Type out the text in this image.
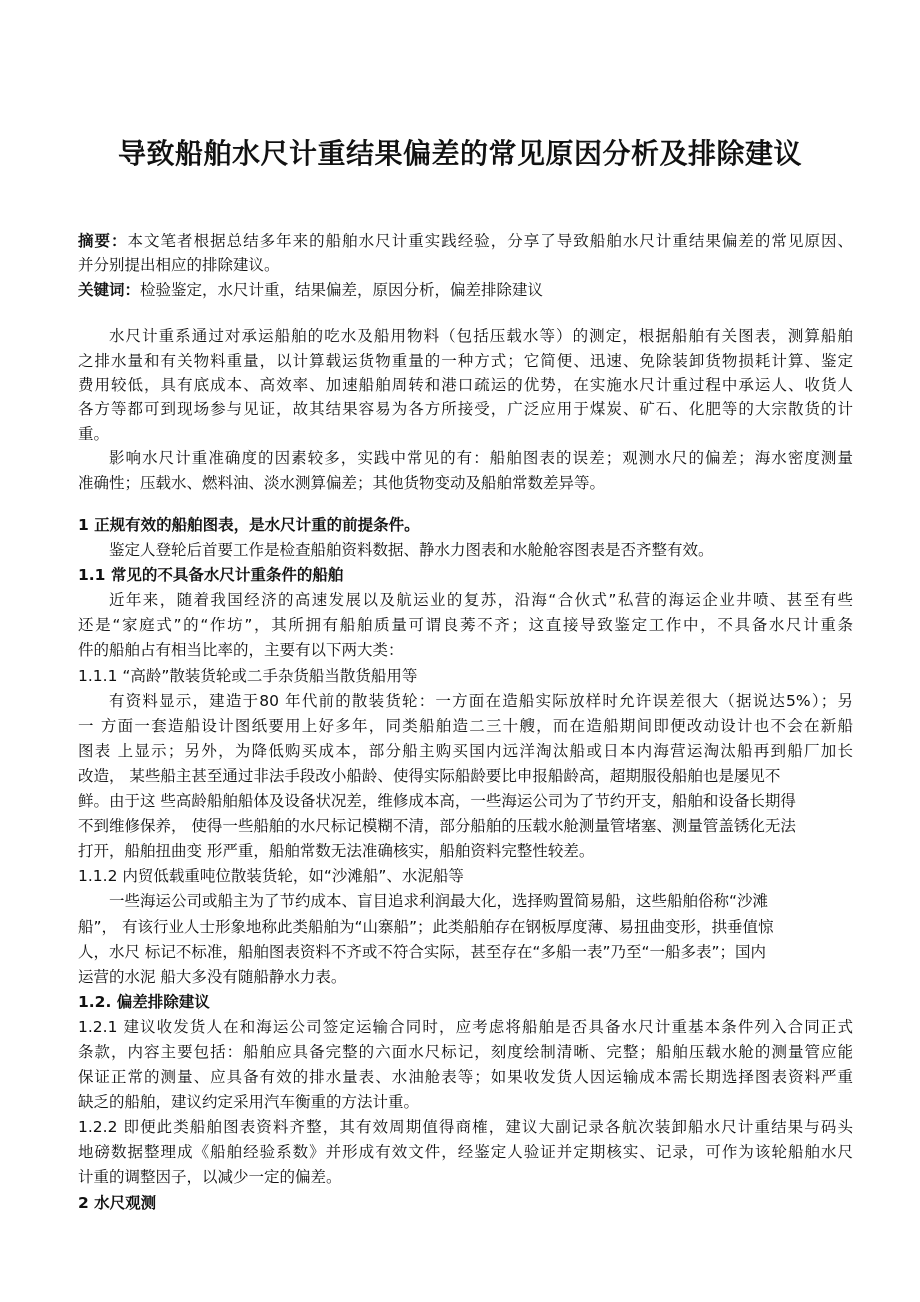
导致船舶水尺计重结果偏差的常见原因分析及排除建议
摘要：本文笔者根据总结多年来的船舶水尺计重实践经验，分享了导致船舶水尺计重结果偏差的常见原因、
并分别提出相应的排除建议。
关键词：检验鉴定，水尺计重，结果偏差，原因分析，偏差排除建议
水尺计重系通过对承运船舶的吃水及船用物料（包括压载水等）的测定，根据船舶有关图表，测算船舶
之排水量和有关物料重量，以计算载运货物重量的一种方式；它简便、迅速、免除装卸货物损耗计算、鉴定
费用较低，具有底成本、高效率、加速船舶周转和港口疏运的优势，在实施水尺计重过程中承运人、收货人
各方等都可到现场参与见证，故其结果容易为各方所接受，广泛应用于煤炭、矿石、化肥等的大宗散货的计
重。
影响水尺计重准确度的因素较多，实践中常见的有：船舶图表的误差；观测水尺的偏差；海水密度测量
准确性；压载水、燃料油、淡水测算偏差；其他货物变动及船舶常数差异等。
1 正规有效的船舶图表，是水尺计重的前提条件。
鉴定人登轮后首要工作是检查船舶资料数据、静水力图表和水舱舱容图表是否齐整有效。
1.1 常见的不具备水尺计重条件的船舶
近年来，随着我国经济的高速发展以及航运业的复苏，沿海“合伙式”私营的海运企业井喷、甚至有些
还是“家庭式”的“作坊”，其所拥有船舶质量可谓良莠不齐；这直接导致鉴定工作中，不具备水尺计重条
件的船舶占有相当比率的，主要有以下两大类：
1.1.1 “高龄”散装货轮或二手杂货船当散货船用等
有资料显示，建造于80 年代前的散装货轮：一方面在造船实际放样时允许误差很大（据说达5%）；另
一 方面一套造船设计图纸要用上好多年，同类船舶造二三十艘，而在造船期间即便改动设计也不会在新船
图表 上显示；另外，为降低购买成本，部分船主购买国内远洋淘汰船或日本内海营运淘汰船再到船厂加长
改造， 某些船主甚至通过非法手段改小船龄、使得实际船龄要比申报船龄高，超期服役船舶也是屡见不
鲜。由于这 些高龄船舶船体及设备状况差，维修成本高，一些海运公司为了节约开支，船舶和设备长期得
不到维修保养， 使得一些船舶的水尺标记模糊不清，部分船舶的压载水舱测量管堵塞、测量管盖锈化无法
打开，船舶扭曲变 形严重，船舶常数无法准确核实，船舶资料完整性较差。
1.1.2 内贸低载重吨位散装货轮，如“沙滩船”、水泥船等
一些海运公司或船主为了节约成本、盲目追求利润最大化，选择购置简易船，这些船舶俗称“沙滩
船”， 有该行业人士形象地称此类船舶为“山寨船”；此类船舶存在钢板厚度薄、易扭曲变形，拱垂值惊
人，水尺 标记不标准，船舶图表资料不齐或不符合实际，甚至存在“多船一表”乃至“一船多表”；国内
运营的水泥 船大多没有随船静水力表。
1.2. 偏差排除建议
1.2.1 建议收发货人在和海运公司签定运输合同时，应考虑将船舶是否具备水尺计重基本条件列入合同正式
条款，内容主要包括：船舶应具备完整的六面水尺标记，刻度绘制清晰、完整；船舶压载水舱的测量管应能
保证正常的测量、应具备有效的排水量表、水油舱表等；如果收发货人因运输成本需长期选择图表资料严重
缺乏的船舶，建议约定采用汽车衡重的方法计重。
1.2.2 即便此类船舶图表资料齐整，其有效周期值得商榷，建议大副记录各航次装卸船水尺计重结果与码头
地磅数据整理成《船舶经验系数》并形成有效文件，经鉴定人验证并定期核实、记录，可作为该轮船舶水尺
计重的调整因子，以减少一定的偏差。
2 水尺观测
